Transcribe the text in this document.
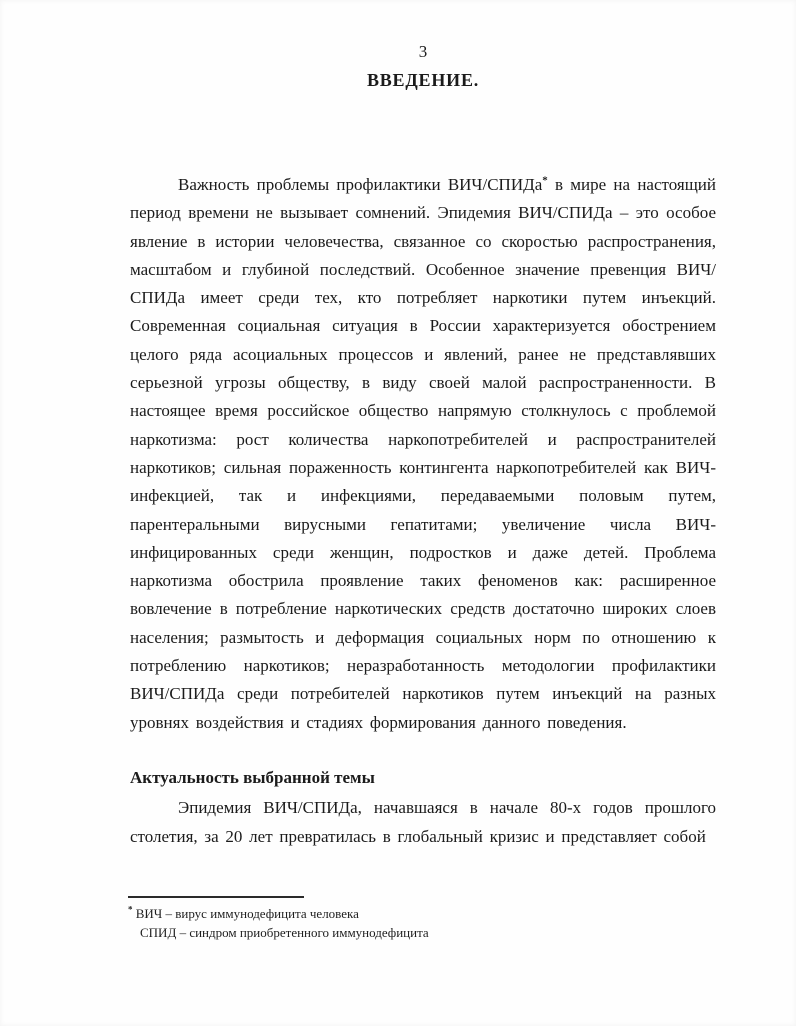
3

ВВЕДЕНИЕ.

Важность проблемы профилактики ВИЧ/СПИДа* в мире на настоящий период времени не вызывает сомнений. Эпидемия ВИЧ/СПИДа – это особое явление в истории человечества, связанное со скоростью распространения, масштабом и глубиной последствий. Особенное значение превенция ВИЧ/СПИДа имеет среди тех, кто потребляет наркотики путем инъекций. Современная социальная ситуация в России характеризуется обострением целого ряда асоциальных процессов и явлений, ранее не представлявших серьезной угрозы обществу, в виду своей малой распространенности. В настоящее время российское общество напрямую столкнулось с проблемой наркотизма: рост количества наркопотребителей и распространителей наркотиков; сильная пораженность контингента наркопотребителей как ВИЧ-инфекцией, так и инфекциями, передаваемыми половым путем, парентеральными вирусными гепатитами; увеличение числа ВИЧ-инфицированных среди женщин, подростков и даже детей. Проблема наркотизма обострила проявление таких феноменов как: расширенное вовлечение в потребление наркотических средств достаточно широких слоев населения; размытость и деформация социальных норм по отношению к потреблению наркотиков; неразработанность методологии профилактики ВИЧ/СПИДа среди потребителей наркотиков путем инъекций на разных уровнях воздействия и стадиях формирования данного поведения.

Актуальность выбранной темы

Эпидемия ВИЧ/СПИДа, начавшаяся в начале 80-х годов прошлого столетия, за 20 лет превратилась в глобальный кризис и представляет собой

* ВИЧ – вирус иммунодефицита человека
СПИД – синдром приобретенного иммунодефицита
